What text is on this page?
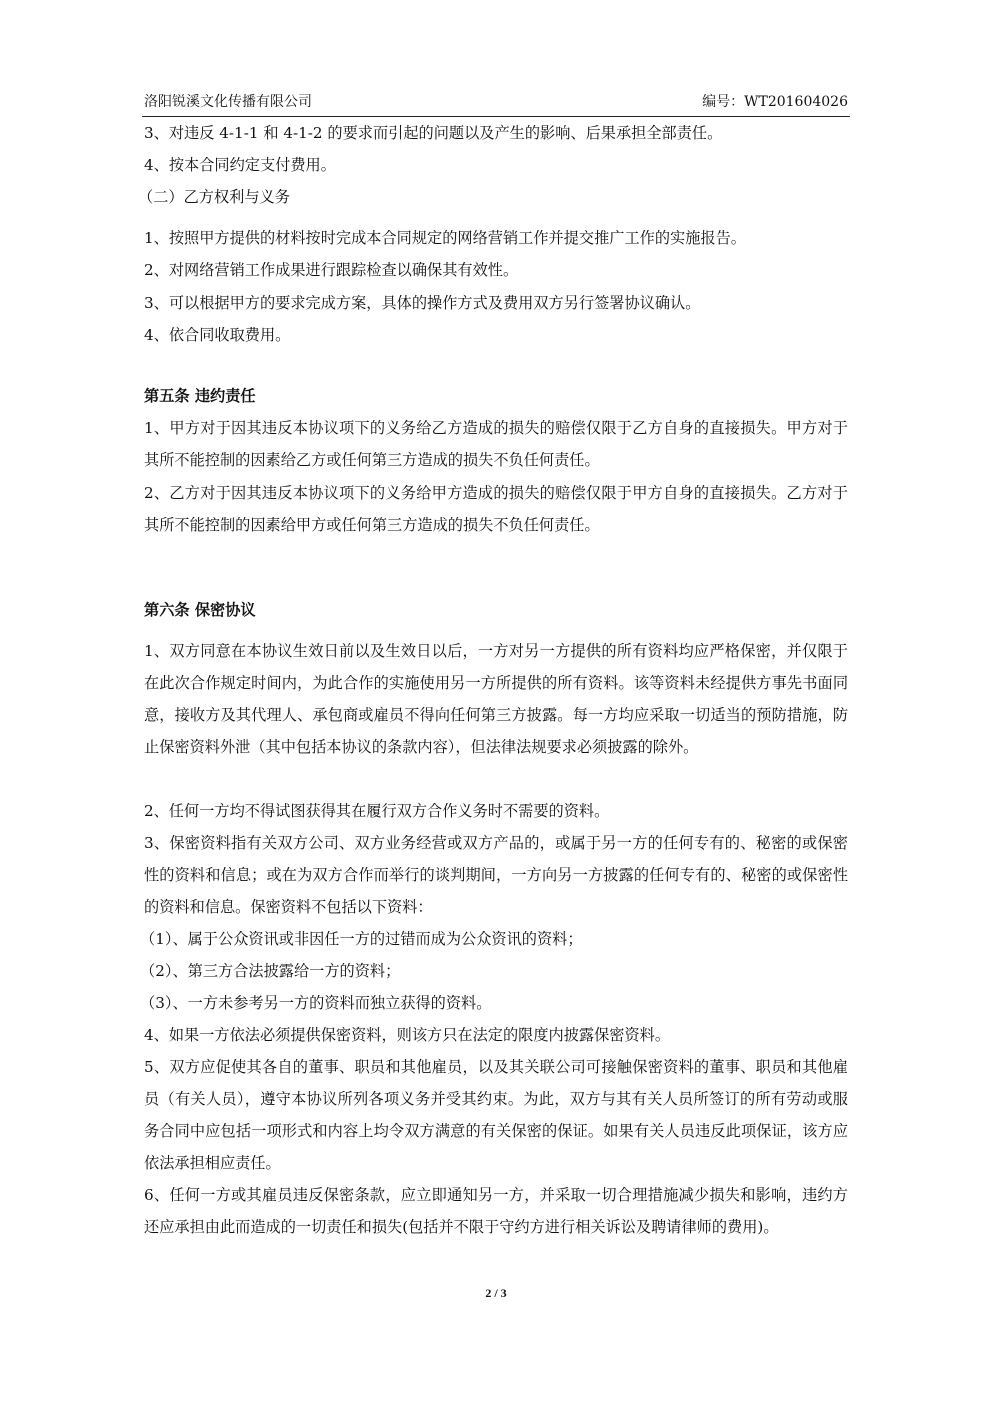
洛阳锐溪文化传播有限公司	编号：WT201604026

3、对违反 4-1-1 和 4-1-2 的要求而引起的问题以及产生的影响、后果承担全部责任。

4、按本合同约定支付费用。

（二）乙方权利与义务

1、按照甲方提供的材料按时完成本合同规定的网络营销工作并提交推广工作的实施报告。

2、对网络营销工作成果进行跟踪检查以确保其有效性。

3、可以根据甲方的要求完成方案，具体的操作方式及费用双方另行签署协议确认。

4、依合同收取费用。

第五条 违约责任

1、甲方对于因其违反本协议项下的义务给乙方造成的损失的赔偿仅限于乙方自身的直接损失。甲方对于其所不能控制的因素给乙方或任何第三方造成的损失不负任何责任。

2、乙方对于因其违反本协议项下的义务给甲方造成的损失的赔偿仅限于甲方自身的直接损失。乙方对于其所不能控制的因素给甲方或任何第三方造成的损失不负任何责任。

第六条 保密协议

1、双方同意在本协议生效日前以及生效日以后，一方对另一方提供的所有资料均应严格保密，并仅限于在此次合作规定时间内，为此合作的实施使用另一方所提供的所有资料。该等资料未经提供方事先书面同意，接收方及其代理人、承包商或雇员不得向任何第三方披露。每一方均应采取一切适当的预防措施，防止保密资料外泄（其中包括本协议的条款内容），但法律法规要求必须披露的除外。

2、任何一方均不得试图获得其在履行双方合作义务时不需要的资料。

3、保密资料指有关双方公司、双方业务经营或双方产品的，或属于另一方的任何专有的、秘密的或保密性的资料和信息；或在为双方合作而举行的谈判期间，一方向另一方披露的任何专有的、秘密的或保密性的资料和信息。保密资料不包括以下资料：

（1）、属于公众资讯或非因任一方的过错而成为公众资讯的资料；

（2）、第三方合法披露给一方的资料；

（3）、一方未参考另一方的资料而独立获得的资料。

4、如果一方依法必须提供保密资料，则该方只在法定的限度内披露保密资料。

5、双方应促使其各自的董事、职员和其他雇员，以及其关联公司可接触保密资料的董事、职员和其他雇员（有关人员），遵守本协议所列各项义务并受其约束。为此，双方与其有关人员所签订的所有劳动或服务合同中应包括一项形式和内容上均令双方满意的有关保密的保证。如果有关人员违反此项保证，该方应依法承担相应责任。

6、任何一方或其雇员违反保密条款，应立即通知另一方，并采取一切合理措施减少损失和影响，违约方还应承担由此而造成的一切责任和损失(包括并不限于守约方进行相关诉讼及聘请律师的费用)。

2 / 3
